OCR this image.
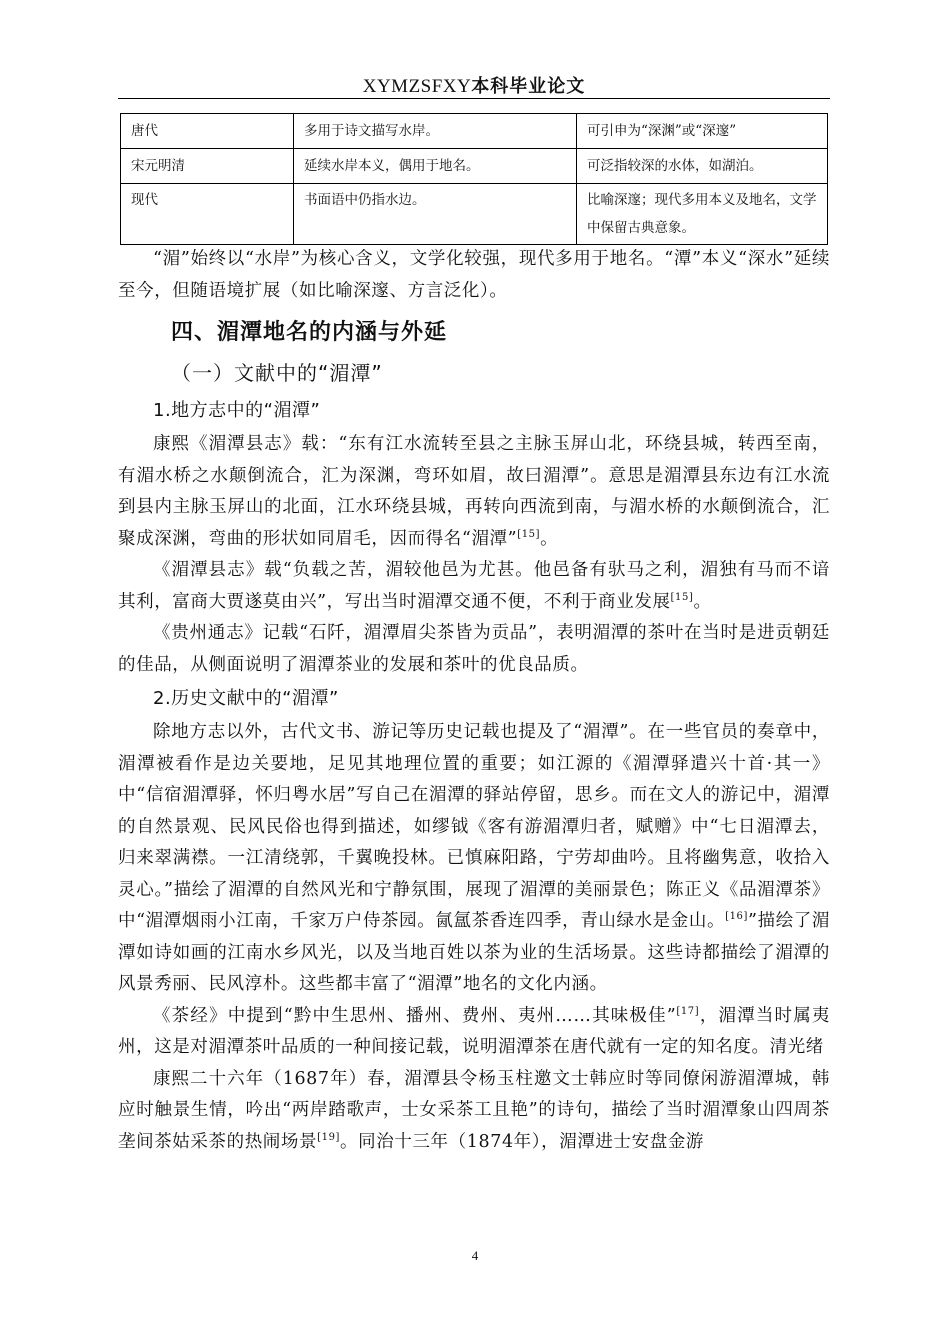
XYMZSFXY本科毕业论文
唐代	多用于诗文描写水岸。	可引申为“深渊”或“深邃”
宋元明清	延续水岸本义，偶用于地名。	可泛指较深的水体，如湖泊。
现代	书面语中仍指水边。	比喻深邃；现代多用本义及地名，文学中保留古典意象。

“湄”始终以“水岸”为核心含义，文学化较强，现代多用于地名。“潭”本义“深水”延续至今，但随语境扩展（如比喻深邃、方言泛化）。

四、湄潭地名的内涵与外延
（一）文献中的“湄潭”
1.地方志中的“湄潭”

康熙《湄潭县志》载：“东有江水流转至县之主脉玉屏山北，环绕县城，转西至南，有湄水桥之水颠倒流合，汇为深渊，弯环如眉，故曰湄潭”。意思是湄潭县东边有江水流到县内主脉玉屏山的北面，江水环绕县城，再转向西流到南，与湄水桥的水颠倒流合，汇聚成深渊，弯曲的形状如同眉毛，因而得名“湄潭”[15]。

《湄潭县志》载“负载之苦，湄较他邑为尤甚。他邑备有驮马之利，湄独有马而不谙其利，富商大贾遂莫由兴”，写出当时湄潭交通不便，不利于商业发展[15]。

《贵州通志》记载“石阡，湄潭眉尖茶皆为贡品”，表明湄潭的茶叶在当时是进贡朝廷的佳品，从侧面说明了湄潭茶业的发展和茶叶的优良品质。

2.历史文献中的“湄潭”

除地方志以外，古代文书、游记等历史记载也提及了“湄潭”。在一些官员的奏章中，湄潭被看作是边关要地，足见其地理位置的重要；如江源的《湄潭驿遣兴十首·其一》中“信宿湄潭驿，怀归粤水居”写自己在湄潭的驿站停留，思乡。而在文人的游记中，湄潭的自然景观、民风民俗也得到描述，如缪钺《客有游湄潭归者，赋赠》中“七日湄潭去，归来翠满襟。一江清绕郭，千翼晚投林。已慎麻阳路，宁劳却曲吟。且将幽隽意，收拾入灵心。”描绘了湄潭的自然风光和宁静氛围，展现了湄潭的美丽景色；陈正义《品湄潭茶》中“湄潭烟雨小江南，千家万户侍茶园。氤氲茶香连四季，青山绿水是金山。[16]”描绘了湄潭如诗如画的江南水乡风光，以及当地百姓以茶为业的生活场景。这些诗都描绘了湄潭的风景秀丽、民风淳朴。这些都丰富了“湄潭”地名的文化内涵。

《茶经》中提到“黔中生思州、播州、费州、夷州……其味极佳”[17]，湄潭当时属夷州，这是对湄潭茶叶品质的一种间接记载，说明湄潭茶在唐代就有一定的知名度。清光绪

康熙二十六年（1687年）春，湄潭县令杨玉柱邀文士韩应时等同僚闲游湄潭城，韩应时触景生情，吟出“两岸踏歌声，士女采茶工且艳”的诗句，描绘了当时湄潭象山四周茶垄间茶姑采茶的热闹场景[19]。同治十三年（1874年），湄潭进士安盘金游

4
